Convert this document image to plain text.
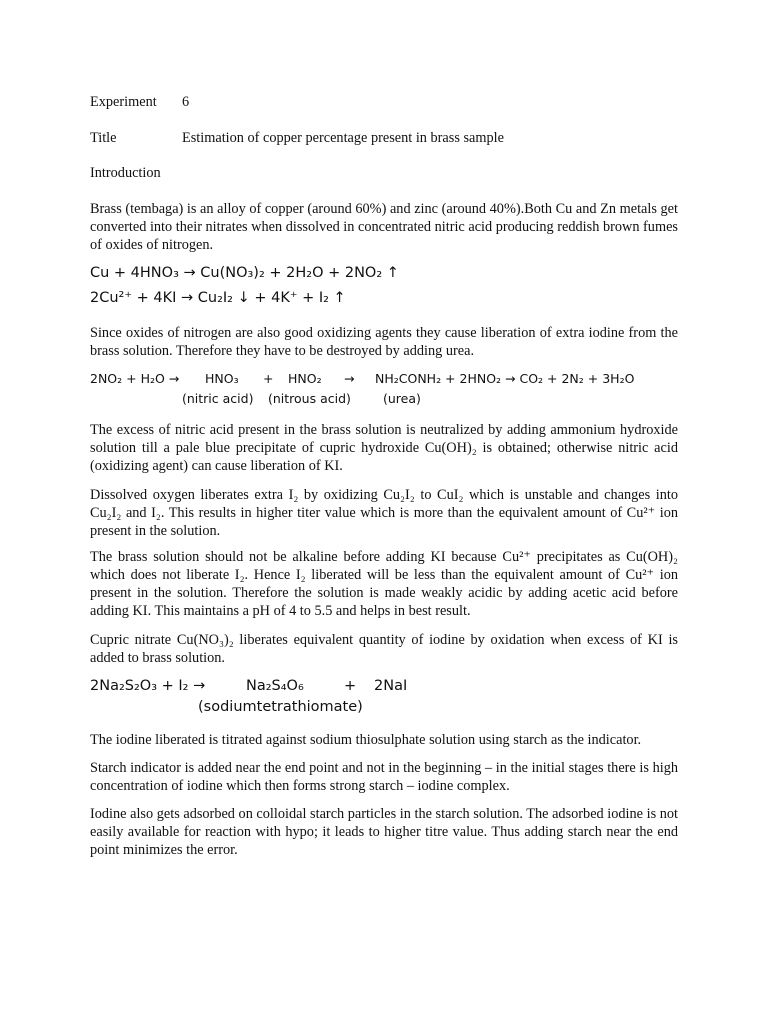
Experiment 6
Title	Estimation of copper percentage present in brass sample
Introduction
Brass (tembaga) is an alloy of copper (around 60%) and zinc (around 40%).Both Cu and Zn metals get converted into their nitrates when dissolved in concentrated nitric acid producing reddish brown fumes of oxides of nitrogen.
Cu + 4HNO₃ → Cu(NO₃)₂ + 2H₂O + 2NO₂ ↑
2Cu²⁺ + 4KI → Cu₂I₂ ↓ + 4K⁺ + I₂ ↑
Since oxides of nitrogen are also good oxidizing agents they cause liberation of extra iodine from the brass solution. Therefore they have to be destroyed by adding urea.
2NO₂ + H₂O → HNO₃ + HNO₂ → NH₂CONH₂ + 2HNO₂ → CO₂ + 2N₂ + 3H₂O
(nitric acid) (nitrous acid)	(urea)
The excess of nitric acid present in the brass solution is neutralized by adding ammonium hydroxide solution till a pale blue precipitate of cupric hydroxide Cu(OH)₂ is obtained; otherwise nitric acid (oxidizing agent) can cause liberation of KI.
Dissolved oxygen liberates extra I₂ by oxidizing Cu₂I₂ to CuI₂ which is unstable and changes into Cu₂I₂ and I₂. This results in higher titer value which is more than the equivalent amount of Cu²⁺ ion present in the solution.
The brass solution should not be alkaline before adding KI because Cu²⁺ precipitates as Cu(OH)₂ which does not liberate I₂. Hence I₂ liberated will be less than the equivalent amount of Cu²⁺ ion present in the solution. Therefore the solution is made weakly acidic by adding acetic acid before adding KI. This maintains a pH of 4 to 5.5 and helps in best result.
Cupric nitrate Cu(NO₃)₂ liberates equivalent quantity of iodine by oxidation when excess of KI is added to brass solution.
2Na₂S₂O₃ + I₂ →	Na₂S₄O₆	+ 2NaI
(sodiumtetrathiomate)
The iodine liberated is titrated against sodium thiosulphate solution using starch as the indicator.
Starch indicator is added near the end point and not in the beginning – in the initial stages there is high concentration of iodine which then forms strong starch – iodine complex.
Iodine also gets adsorbed on colloidal starch particles in the starch solution. The adsorbed iodine is not easily available for reaction with hypo; it leads to higher titre value. Thus adding starch near the end point minimizes the error.
